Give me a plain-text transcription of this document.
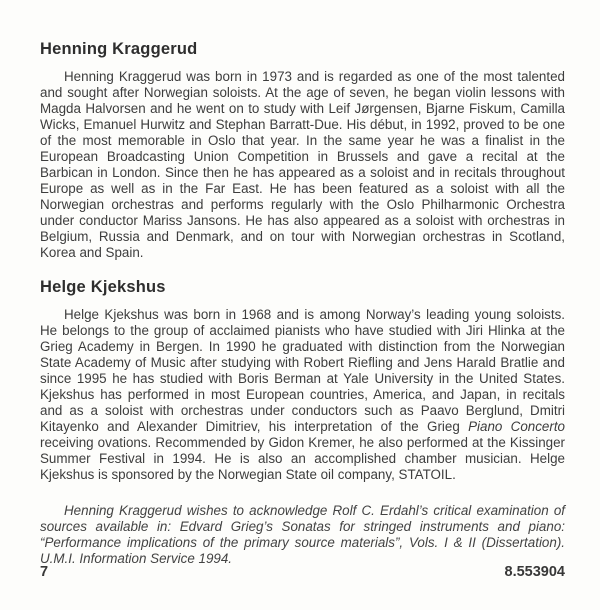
Henning Kraggerud

Henning Kraggerud was born in 1973 and is regarded as one of the most talented and sought after Norwegian soloists. At the age of seven, he began violin lessons with Magda Halvorsen and he went on to study with Leif Jørgensen, Bjarne Fiskum, Camilla Wicks, Emanuel Hurwitz and Stephan Barratt-Due. His début, in 1992, proved to be one of the most memorable in Oslo that year. In the same year he was a finalist in the European Broadcasting Union Competition in Brussels and gave a recital at the Barbican in London. Since then he has appeared as a soloist and in recitals throughout Europe as well as in the Far East. He has been featured as a soloist with all the Norwegian orchestras and performs regularly with the Oslo Philharmonic Orchestra under conductor Mariss Jansons. He has also appeared as a soloist with orchestras in Belgium, Russia and Denmark, and on tour with Norwegian orchestras in Scotland, Korea and Spain.

Helge Kjekshus

Helge Kjekshus was born in 1968 and is among Norway’s leading young soloists. He belongs to the group of acclaimed pianists who have studied with Jiri Hlinka at the Grieg Academy in Bergen. In 1990 he graduated with distinction from the Norwegian State Academy of Music after studying with Robert Riefling and Jens Harald Bratlie and since 1995 he has studied with Boris Berman at Yale University in the United States. Kjekshus has performed in most European countries, America, and Japan, in recitals and as a soloist with orchestras under conductors such as Paavo Berglund, Dmitri Kitayenko and Alexander Dimitriev, his interpretation of the Grieg Piano Concerto receiving ovations. Recommended by Gidon Kremer, he also performed at the Kissinger Summer Festival in 1994. He is also an accomplished chamber musician. Helge Kjekshus is sponsored by the Norwegian State oil company, STATOIL.

Henning Kraggerud wishes to acknowledge Rolf C. Erdahl’s critical examination of sources available in: Edvard Grieg’s Sonatas for stringed instruments and piano: “Performance implications of the primary source materials”, Vols. I & II (Dissertation). U.M.I. Information Service 1994.

7	8.553904
